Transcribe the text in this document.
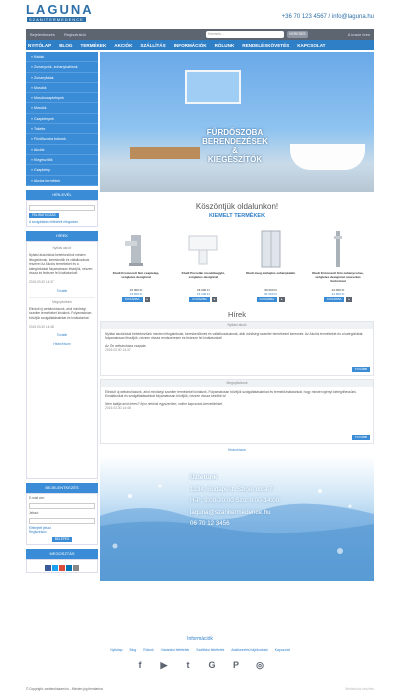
LAGUNA
SZANITERMEDENCE	+36 70 123 4567 / info@laguna.hu
Bejelentkezés Regisztráció	Keresés...	KERESÉS	A kosár üres
NYITÓLAP BLOG TERMÉKEK AKCIÓK SZÁLLÍTÁS INFORMÁCIÓK RÓLUNK RENDELÉSKÖVETÉS KAPCSOLAT
» Kádak
» Zuhanyzók, zuhanykabinok
» Zuhanyfalak
» Mosdók
» Mosdócsaptelepek
» Mosdók
» Csaptelepek
» Toilette
» Fürdőszoba bútorok
» Akciók
» Kiegészítők
» Csaptelep
» Akciós termékek
HÍRLEVÉL
FELIRATKOZÁS
A szolgáltatás feltételeit elfogadom.
HÍREK
Nyitási akció!
Nyitási akciónkkal bebérkeztünk minden létogatóknak, kereskedők és vállalkozások részére! Az Akciós termékeket és a kategórikákat folyamatosan frissítjük, nézzen vissza és fedezze fel kínálatunkat!
2015.03.30 14:37
Tovább
Megnyitottunk
Elindult új webáruházunk, ahol minőségi szaniter termékeket kínálunk. Folyamatosan bővítjük szolgáltatásainkat és kínálatunkat.
2015.03.30 14:48
Tovább
Hírarchívum
BEJELENTKEZÉS
E-mail cím:
Jelszó:
Elfelejtett jelszó
Regisztráció
BELÉPÉS
MEGOSZTÁS

FÜRDŐSZOBA
BERENDEZÉSEK
&
KIEGÉSZÍTŐK
Köszöntjük oldalunkon!
KIEMELT TERMÉKEK
Kludi Kromozott fém csaptelep, szögletes designnal
15 000 Ft
13 500 Ft
KOSÁRBA	▸
Kludi Porcelán mosdókagyló, szögletes designnal
18 000 Ft
16 200 Ft
KOSÁRBA	▸
Kludi üveg,tolóajtós zuhanykabin
90 000 Ft
81 000 Ft
KOSÁRBA	▸
Kludi Krómozott fém zuhanycsöve, szögletes designnal, masszázs funkcióval
24 000 Ft
21 600 Ft
KOSÁRBA	▸
Hírek
Nyitási akció
Nyitási akciónkkal bebérkeztünk minden létogatóknak, kereskedőknek és vállalkozásoknak, akik minőségi szaniter termékeket keresnek. Az Akciós termékeket és a kategóriákat folyamatosan frissítjük, nézzen vissza rendszeresen és fedezze fel kínálatunkat!
Az Ön webáruháza csapata.
2015.03.30 14:37
TOVÁBB
Megnyitottunk
Elindult új webáruházunk, ahol minőségi szaniter termékeket kínálunk. Folyamatosan bővítjük szolgáltatásainkat és termékkínálatunkat, hogy minden igényt kielégíthessünk. Kínálatunkat és szolgáltatásainkat folyamatosan bővítjük, nézzen vissza később is!
Nem találja amit keres? Írjon nekünk egyszerűen, online kapcsolat üzenetünkkel.
2015.03.30 14:48
TOVÁBB
Hírarchívum
Üzletünk
1234, Budapest, Sziget utca 7.
H-P: 9:00-20:00 Szo: 9:00-14:00
laguna@szanitermedence.hu
06 70 12 3456
Információk
Nyitólap Blog Rólunk Vásárlási feltételek Szállítási feltételek Adatkezelési tájékoztató Kapcsolat
f	▶	t	G P ◎
© Copyright, webáruházam.hu - Minden jog fenntartva	Webáruház készítés
